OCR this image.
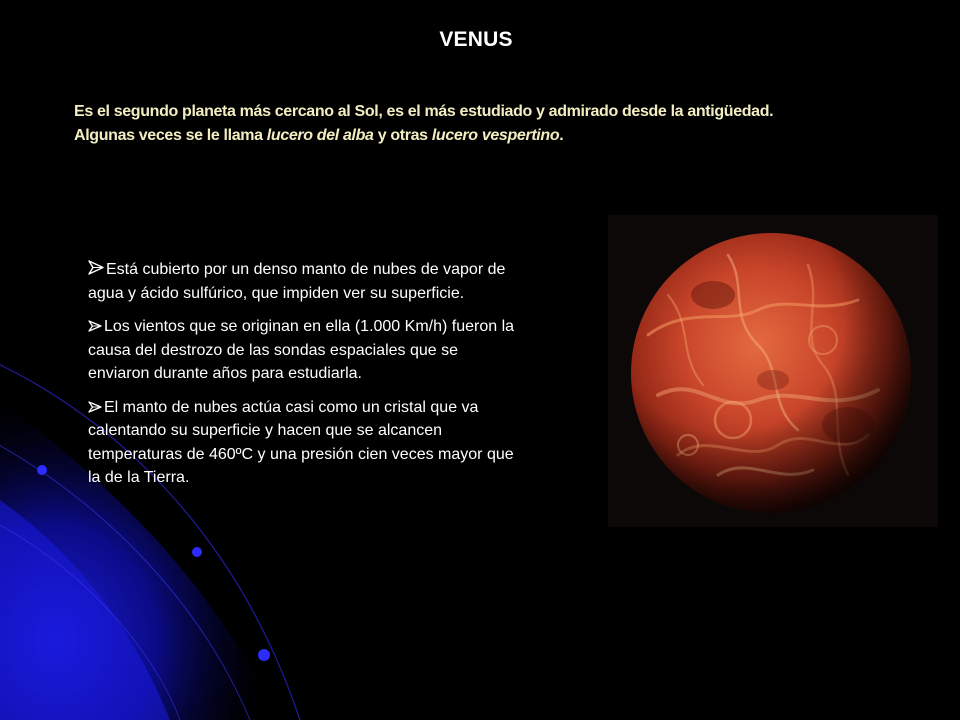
VENUS
Es el segundo planeta más cercano al Sol, es el más estudiado y admirado desde la antigüedad. Algunas veces se le llama lucero del alba y otras lucero vespertino.
Está cubierto por un denso manto de nubes de vapor de agua y ácido sulfúrico, que impiden ver su superficie.
Los vientos que se originan en ella (1.000 Km/h) fueron la causa del destrozo de las sondas espaciales que se enviaron durante años para estudiarla.
El manto de nubes actúa casi como un cristal que va calentando su superficie y hacen que se alcancen temperaturas de 460ºC y una presión cien veces mayor que la de la Tierra.
